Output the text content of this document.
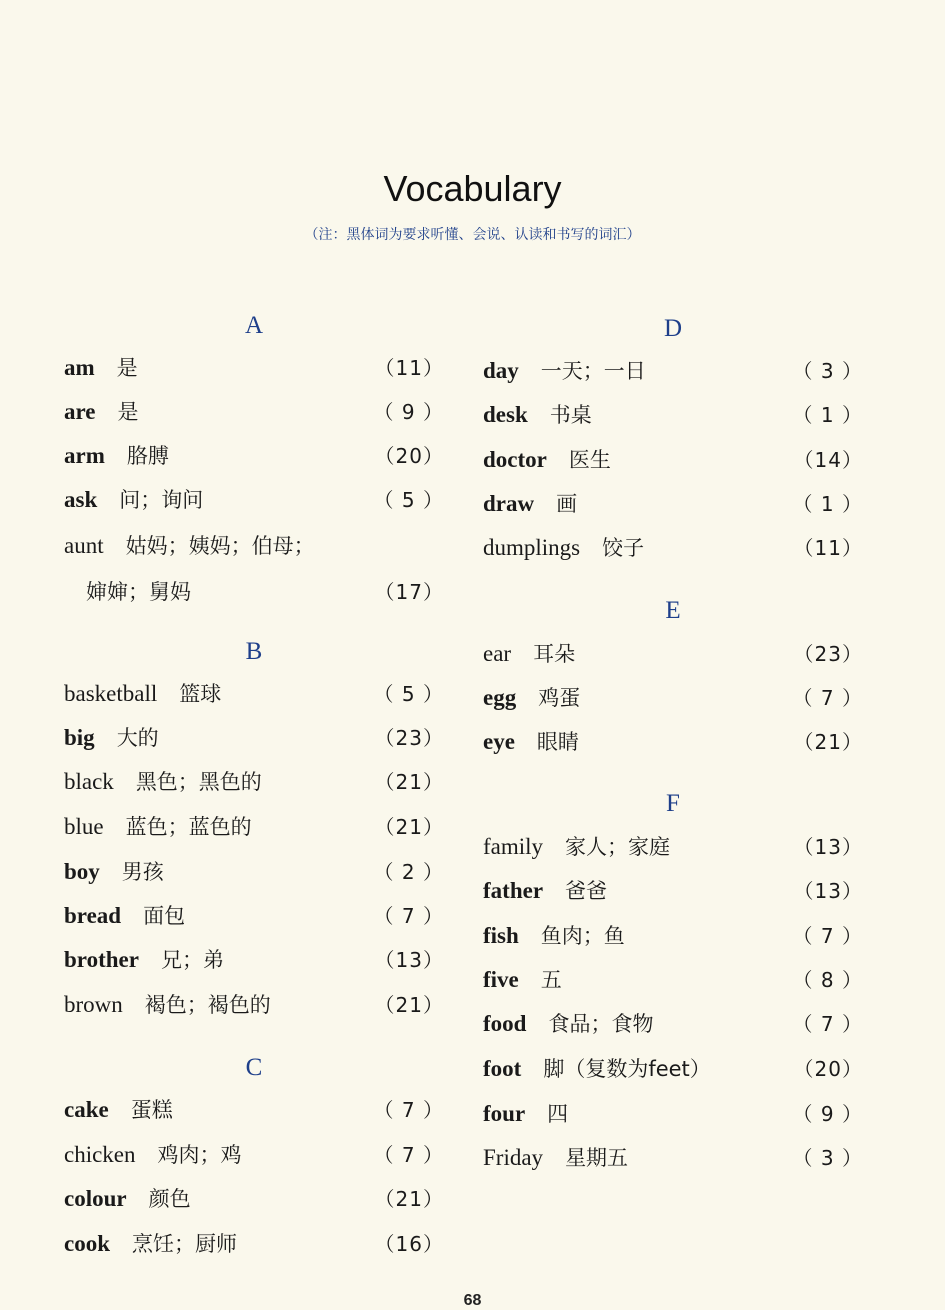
Vocabulary
（注：黑体词为要求听懂、会说、认读和书写的词汇）
A
am 是	（11）
are 是	（ 9 ）
arm 胳膊	（20）
ask 问；询问	（ 5 ）
aunt 姑妈；姨妈；伯母；
婶婶；舅妈	（17）
B
basketball 篮球	（ 5 ）
big 大的	（23）
black 黑色；黑色的	（21）
blue 蓝色；蓝色的	（21）
boy 男孩	（ 2 ）
bread 面包	（ 7 ）
brother 兄；弟	（13）
brown 褐色；褐色的	（21）
C
cake 蛋糕	（ 7 ）
chicken 鸡肉；鸡	（ 7 ）
colour 颜色	（21）
cook 烹饪；厨师	（16）
D
day 一天；一日	（ 3 ）
desk 书桌	（ 1 ）
doctor 医生	（14）
draw 画	（ 1 ）
dumplings 饺子	（11）
E
ear 耳朵	（23）
egg 鸡蛋	（ 7 ）
eye 眼睛	（21）
F
family 家人；家庭	（13）
father 爸爸	（13）
fish 鱼肉；鱼	（ 7 ）
five 五	（ 8 ）
food 食品；食物	（ 7 ）
foot 脚（复数为feet）	（20）
four 四	（ 9 ）
Friday 星期五	（ 3 ）
68
